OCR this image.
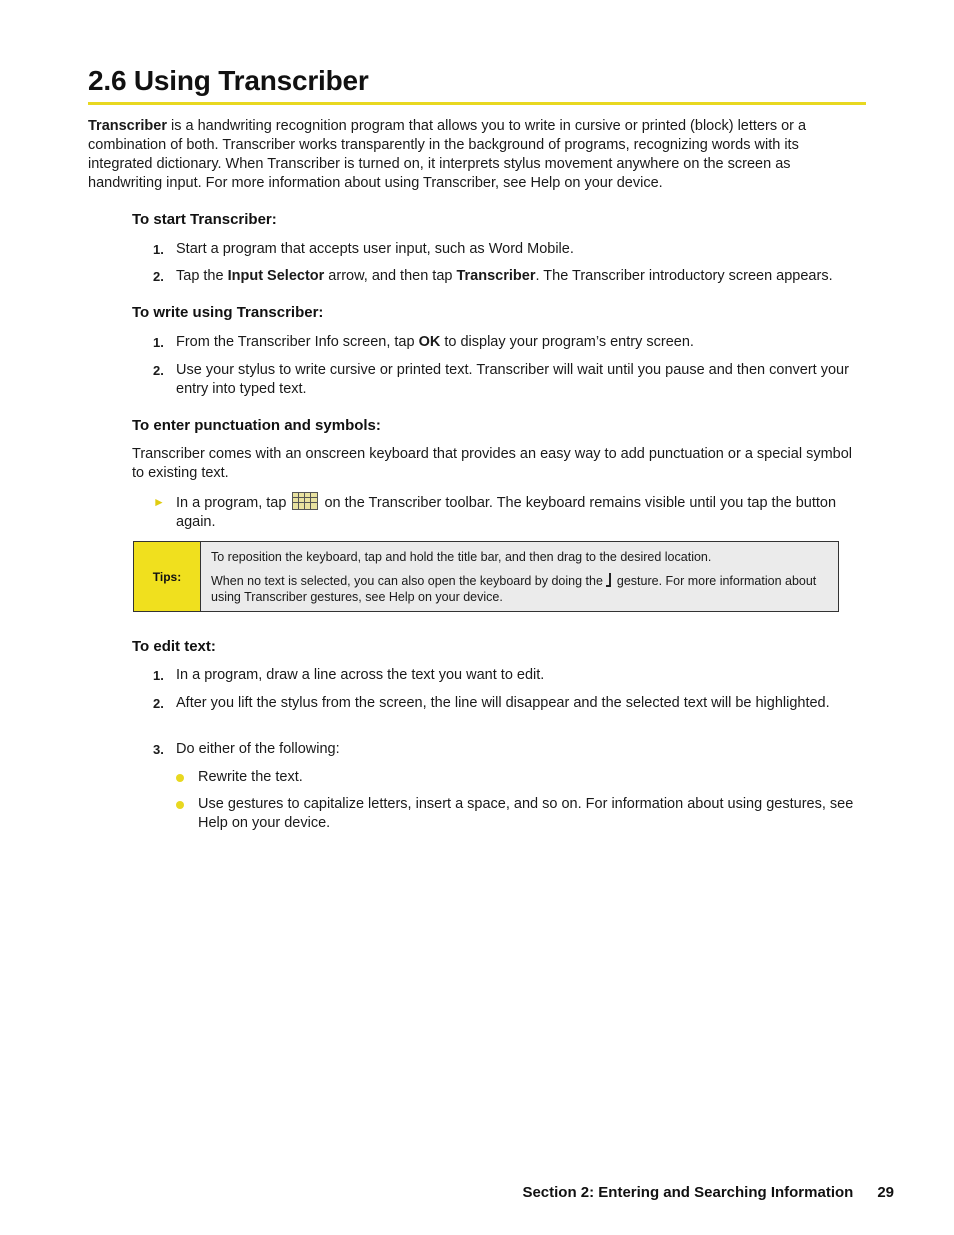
2.6 Using Transcriber

Transcriber is a handwriting recognition program that allows you to write in cursive or printed (block) letters or a combination of both. Transcriber works transparently in the background of programs, recognizing words with its integrated dictionary. When Transcriber is turned on, it interprets stylus movement anywhere on the screen as handwriting input. For more information about using Transcriber, see Help on your device.

To start Transcriber:

1. Start a program that accepts user input, such as Word Mobile.

2. Tap the Input Selector arrow, and then tap Transcriber. The Transcriber introductory screen appears.

To write using Transcriber:

1. From the Transcriber Info screen, tap OK to display your program’s entry screen.

2. Use your stylus to write cursive or printed text. Transcriber will wait until you pause and then convert your entry into typed text.

To enter punctuation and symbols:

Transcriber comes with an onscreen keyboard that provides an easy way to add punctuation or a special symbol to existing text.

► In a program, tap  on the Transcriber toolbar. The keyboard remains visible until you tap the button again.

Tips:

To reposition the keyboard, tap and hold the title bar, and then drag to the desired location.

When no text is selected, you can also open the keyboard by doing the  gesture. For more information about using Transcriber gestures, see Help on your device.

To edit text:

1. In a program, draw a line across the text you want to edit.

2. After you lift the stylus from the screen, the line will disappear and the selected text will be highlighted.

3. Do either of the following:

Rewrite the text.

Use gestures to capitalize letters, insert a space, and so on. For information about using gestures, see Help on your device.

Section 2: Entering and Searching Information 29
